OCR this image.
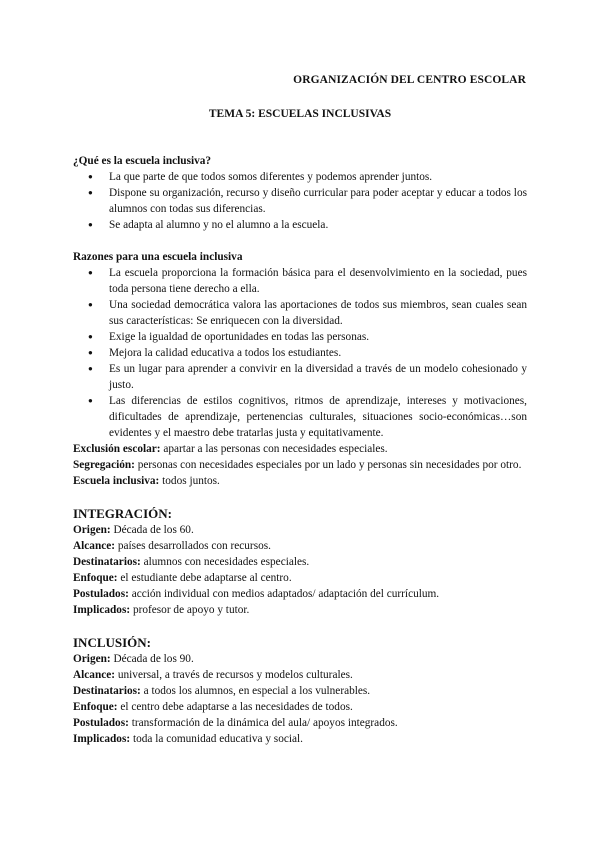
ORGANIZACIÓN DEL CENTRO ESCOLAR
TEMA 5: ESCUELAS INCLUSIVAS

¿Qué es la escuela inclusiva?

● La que parte de que todos somos diferentes y podemos aprender juntos.
● Dispone su organización, recurso y diseño curricular para poder aceptar y educar a todos los alumnos con todas sus diferencias.
● Se adapta al alumno y no el alumno a la escuela.

Razones para una escuela inclusiva

● La escuela proporciona la formación básica para el desenvolvimiento en la sociedad, pues toda persona tiene derecho a ella.
● Una sociedad democrática valora las aportaciones de todos sus miembros, sean cuales sean sus características: Se enriquecen con la diversidad.
● Exige la igualdad de oportunidades en todas las personas.
● Mejora la calidad educativa a todos los estudiantes.
● Es un lugar para aprender a convivir en la diversidad a través de un modelo cohesionado y justo.
● Las diferencias de estilos cognitivos, ritmos de aprendizaje, intereses y motivaciones, dificultades de aprendizaje, pertenencias culturales, situaciones socio-económicas…son evidentes y el maestro debe tratarlas justa y equitativamente.

Exclusión escolar: apartar a las personas con necesidades especiales.

Segregación: personas con necesidades especiales por un lado y personas sin necesidades por otro.

Escuela inclusiva: todos juntos.

INTEGRACIÓN:

Origen: Década de los 60.

Alcance: países desarrollados con recursos.

Destinatarios: alumnos con necesidades especiales.

Enfoque: el estudiante debe adaptarse al centro.

Postulados: acción individual con medios adaptados/ adaptación del currículum.

Implicados: profesor de apoyo y tutor.

INCLUSIÓN:

Origen: Década de los 90.

Alcance: universal, a través de recursos y modelos culturales.

Destinatarios: a todos los alumnos, en especial a los vulnerables.

Enfoque: el centro debe adaptarse a las necesidades de todos.

Postulados: transformación de la dinámica del aula/ apoyos integrados.

Implicados: toda la comunidad educativa y social.
